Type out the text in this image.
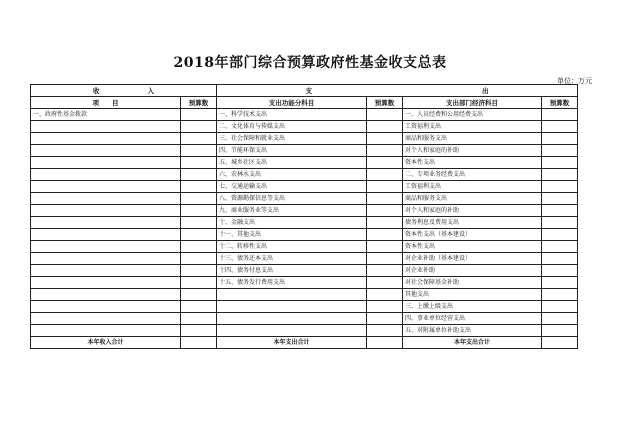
2018年部门综合预算政府性基金收支总表
单位：万元
收 入		支 出			
项　　目	预算数	支出功能分科目	预算数	支出部门经济科目	预算数
一、政府性基金拨款		一、科学技术支出		一、人员经费和公用经费支出	
		二、文化体育与传媒支出		工资福利支出	
		三、社会保障和就业支出		商品和服务支出	
		四、节能环保支出		对个人和家庭的补助	
		五、城乡社区支出		资本性支出	
		六、农林水支出		二、专项业务经费支出	
		七、交通运输支出		工资福利支出	
		八、资源勘探信息等支出		商品和服务支出	
		九、商业服务业等支出		对个人和家庭的补助	
		十、金融支出		债务利息及费用支出	
		十一、其他支出		资本性支出（基本建设）	
		十二、转移性支出		资本性支出	
		十三、债务还本支出		对企业补助（基本建设）	
		十四、债务付息支出		对企业补助	
		十五、债务发行费用支出		对社会保障基金补助	
				其他支出	
				三、上缴上级支出	
				四、事业单位经营支出	
				五、对附属单位补助支出	
本年收入合计		本年支出合计		本年支出合计	
